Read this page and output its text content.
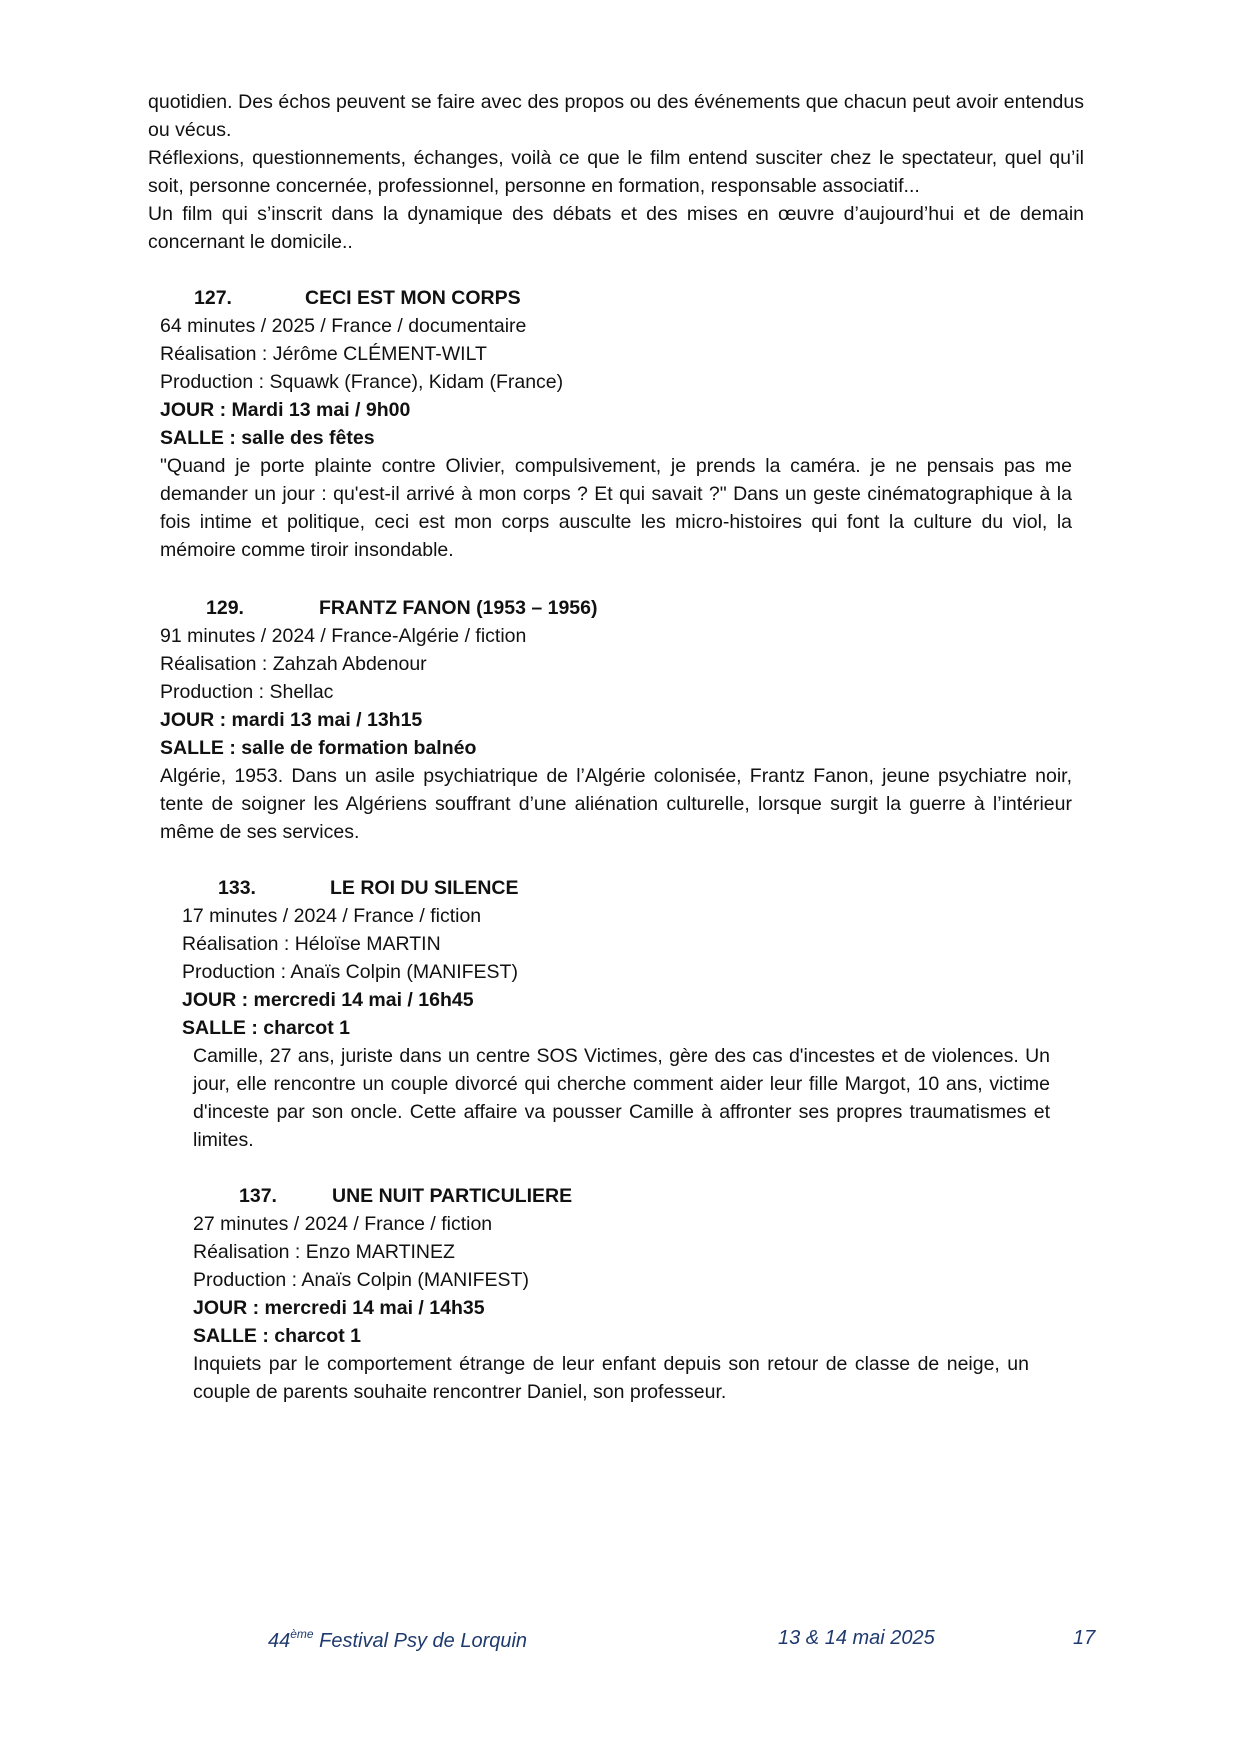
quotidien. Des échos peuvent se faire avec des propos ou des événements que chacun peut avoir entendus ou vécus.

Réflexions, questionnements, échanges, voilà ce que le film entend susciter chez le spectateur, quel qu’il soit, personne concernée, professionnel, personne en formation, responsable associatif...

Un film qui s’inscrit dans la dynamique des débats et des mises en œuvre d’aujourd’hui et de demain concernant le domicile..

127.	CECI EST MON CORPS
64 minutes / 2025 / France / documentaire
Réalisation : Jérôme CLÉMENT-WILT
Production : Squawk (France), Kidam (France)
JOUR : Mardi 13 mai / 9h00
SALLE : salle des fêtes
"Quand je porte plainte contre Olivier, compulsivement, je prends la caméra. je ne pensais pas me demander un jour : qu'est-il arrivé à mon corps ? Et qui savait ?" Dans un geste cinématographique à la fois intime et politique, ceci est mon corps ausculte les micro-histoires qui font la culture du viol, la mémoire comme tiroir insondable.
129.	FRANTZ FANON (1953 – 1956)
91 minutes / 2024 / France-Algérie / fiction
Réalisation : Zahzah Abdenour
Production : Shellac
JOUR : mardi 13 mai / 13h15
SALLE : salle de formation balnéo
Algérie, 1953. Dans un asile psychiatrique de l’Algérie colonisée, Frantz Fanon, jeune psychiatre noir, tente de soigner les Algériens souffrant d’une aliénation culturelle, lorsque surgit la guerre à l’intérieur même de ses services.
133.	LE ROI DU SILENCE
17 minutes / 2024 / France / fiction
Réalisation : Héloïse MARTIN
Production : Anaïs Colpin (MANIFEST)
JOUR : mercredi 14 mai / 16h45
SALLE : charcot 1
Camille, 27 ans, juriste dans un centre SOS Victimes, gère des cas d'incestes et de violences. Un jour, elle rencontre un couple divorcé qui cherche comment aider leur fille Margot, 10 ans, victime d'inceste par son oncle. Cette affaire va pousser Camille à affronter ses propres traumatismes et limites.
137.	UNE NUIT PARTICULIERE
27 minutes / 2024 / France / fiction
Réalisation : Enzo MARTINEZ
Production : Anaïs Colpin (MANIFEST)
JOUR : mercredi 14 mai / 14h35
SALLE : charcot 1
Inquiets par le comportement étrange de leur enfant depuis son retour de classe de neige, un couple de parents souhaite rencontrer Daniel, son professeur.
44ème Festival Psy de Lorquin	13 & 14 mai 2025	17
